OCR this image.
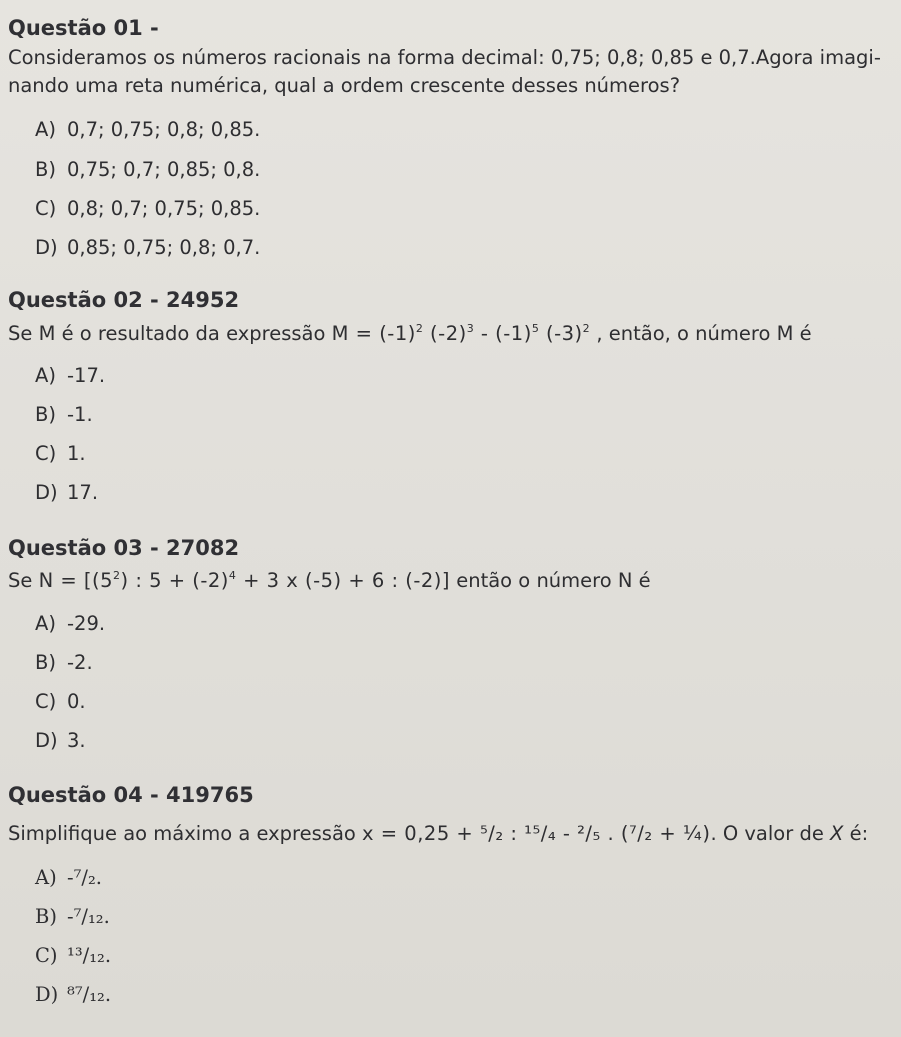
Questão 01 -
Consideramos os números racionais na forma decimal: 0,75; 0,8; 0,85 e 0,7.Agora imagi-
nando uma reta numérica, qual a ordem crescente desses números?
A) 0,7; 0,75; 0,8; 0,85.
B) 0,75; 0,7; 0,85; 0,8.
C) 0,8; 0,7; 0,75; 0,85.
D) 0,85; 0,75; 0,8; 0,7.
Questão 02 - 24952
Se M é o resultado da expressão $M = (-1)^2$ $(-2)^3 - (-1)^5$ $(-3)^2$ , então, o número M é
A) -17.
B) -1.
C) 1.
D) 17.
Questão 03 - 27082
Se $N = [(5^2)$ : $5 + (-2)^4 + 3$ x (-5) + 6 : (-2)] então o número N é
A) -29.
B) -2.
C) 0.
D) 3.
Questão 04 - 419765
Simplifique ao máximo a expressão x = 0,25 + ⁵/₂ : ¹⁵/₄ - ²/₅ . (⁷/₂ + ¼). O valor de X é:
A) -⁷/₂.
B) -⁷/₁₂.
C) ¹³/₁₂.
D) ⁸⁷/₁₂.
